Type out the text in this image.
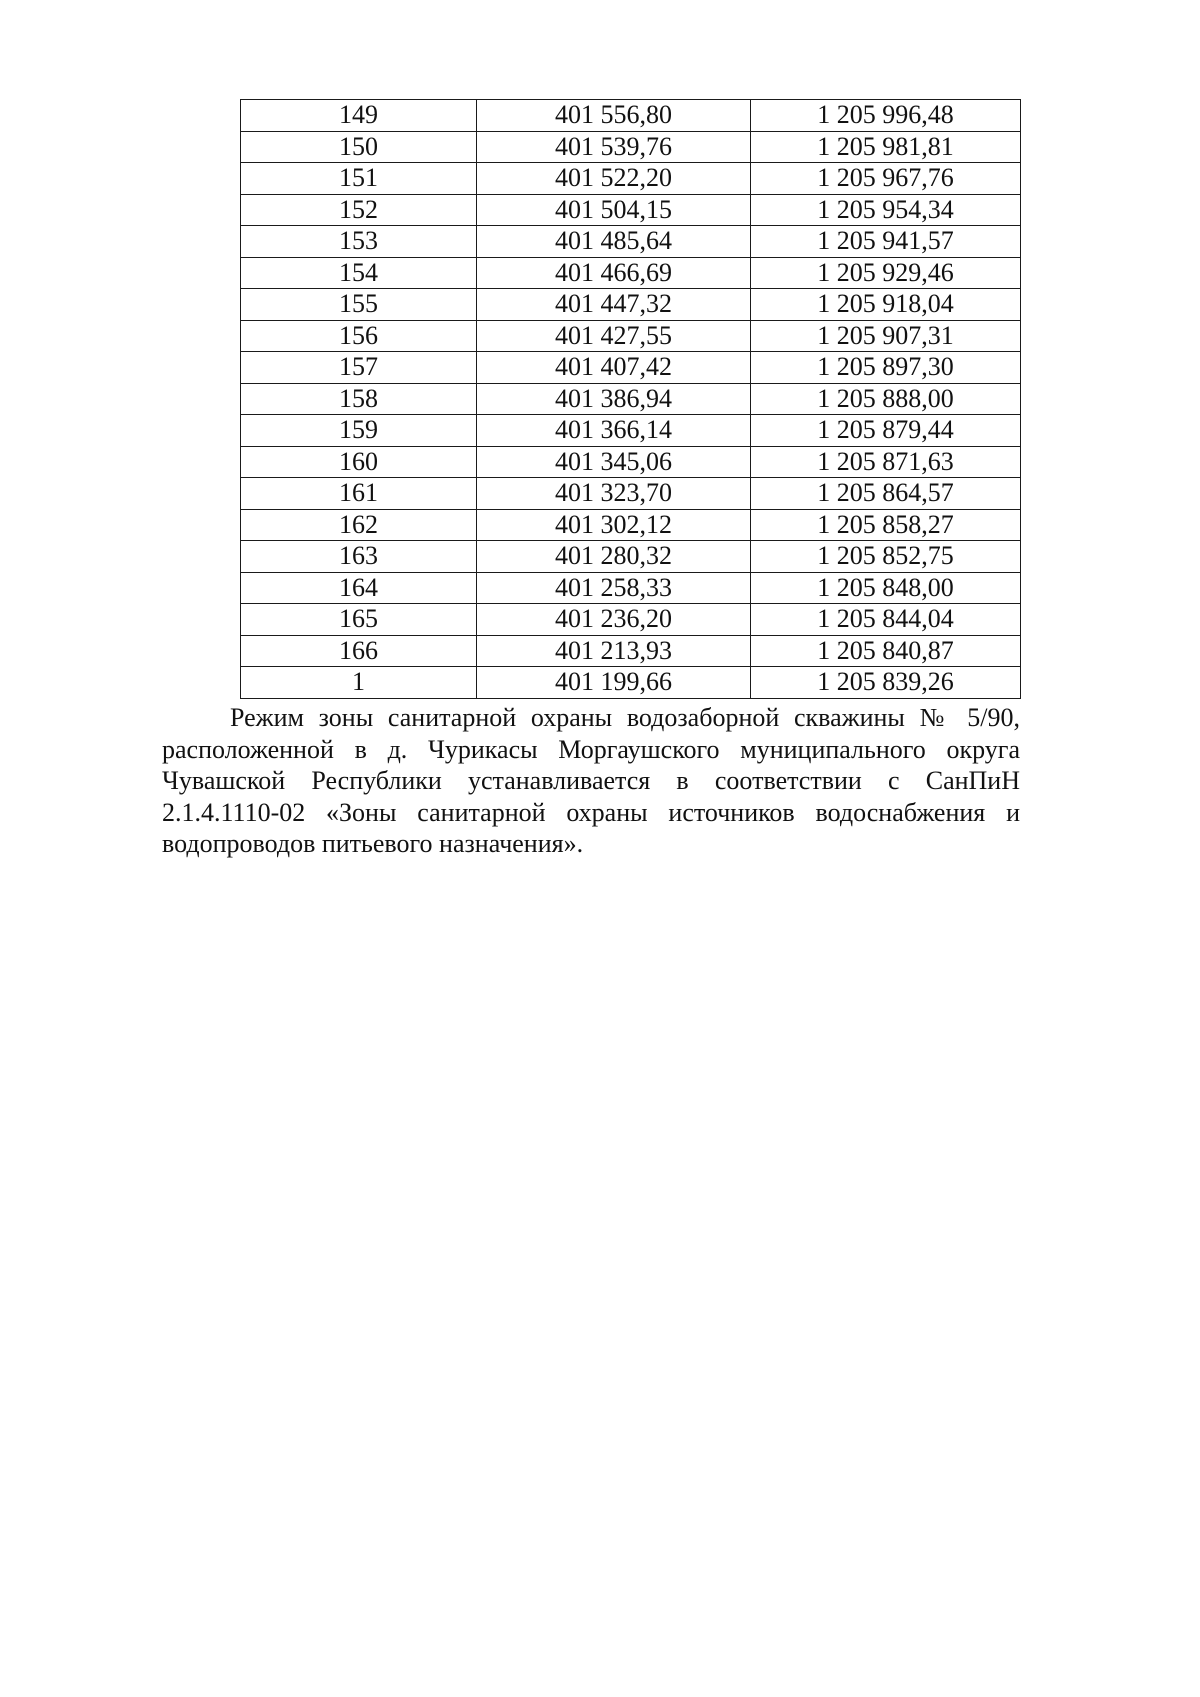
149	401 556,80	1 205 996,48
150	401 539,76	1 205 981,81
151	401 522,20	1 205 967,76
152	401 504,15	1 205 954,34
153	401 485,64	1 205 941,57
154	401 466,69	1 205 929,46
155	401 447,32	1 205 918,04
156	401 427,55	1 205 907,31
157	401 407,42	1 205 897,30
158	401 386,94	1 205 888,00
159	401 366,14	1 205 879,44
160	401 345,06	1 205 871,63
161	401 323,70	1 205 864,57
162	401 302,12	1 205 858,27
163	401 280,32	1 205 852,75
164	401 258,33	1 205 848,00
165	401 236,20	1 205 844,04
166	401 213,93	1 205 840,87
1	401 199,66	1 205 839,26

Режим зоны санитарной охраны водозаборной скважины № 5/90, расположенной в д. Чурикасы Моргаушского муниципального округа Чувашской Республики устанавливается в соответствии с СанПиН 2.1.4.1110-02 «Зоны санитарной охраны источников водоснабжения и водопроводов питьевого назначения».
